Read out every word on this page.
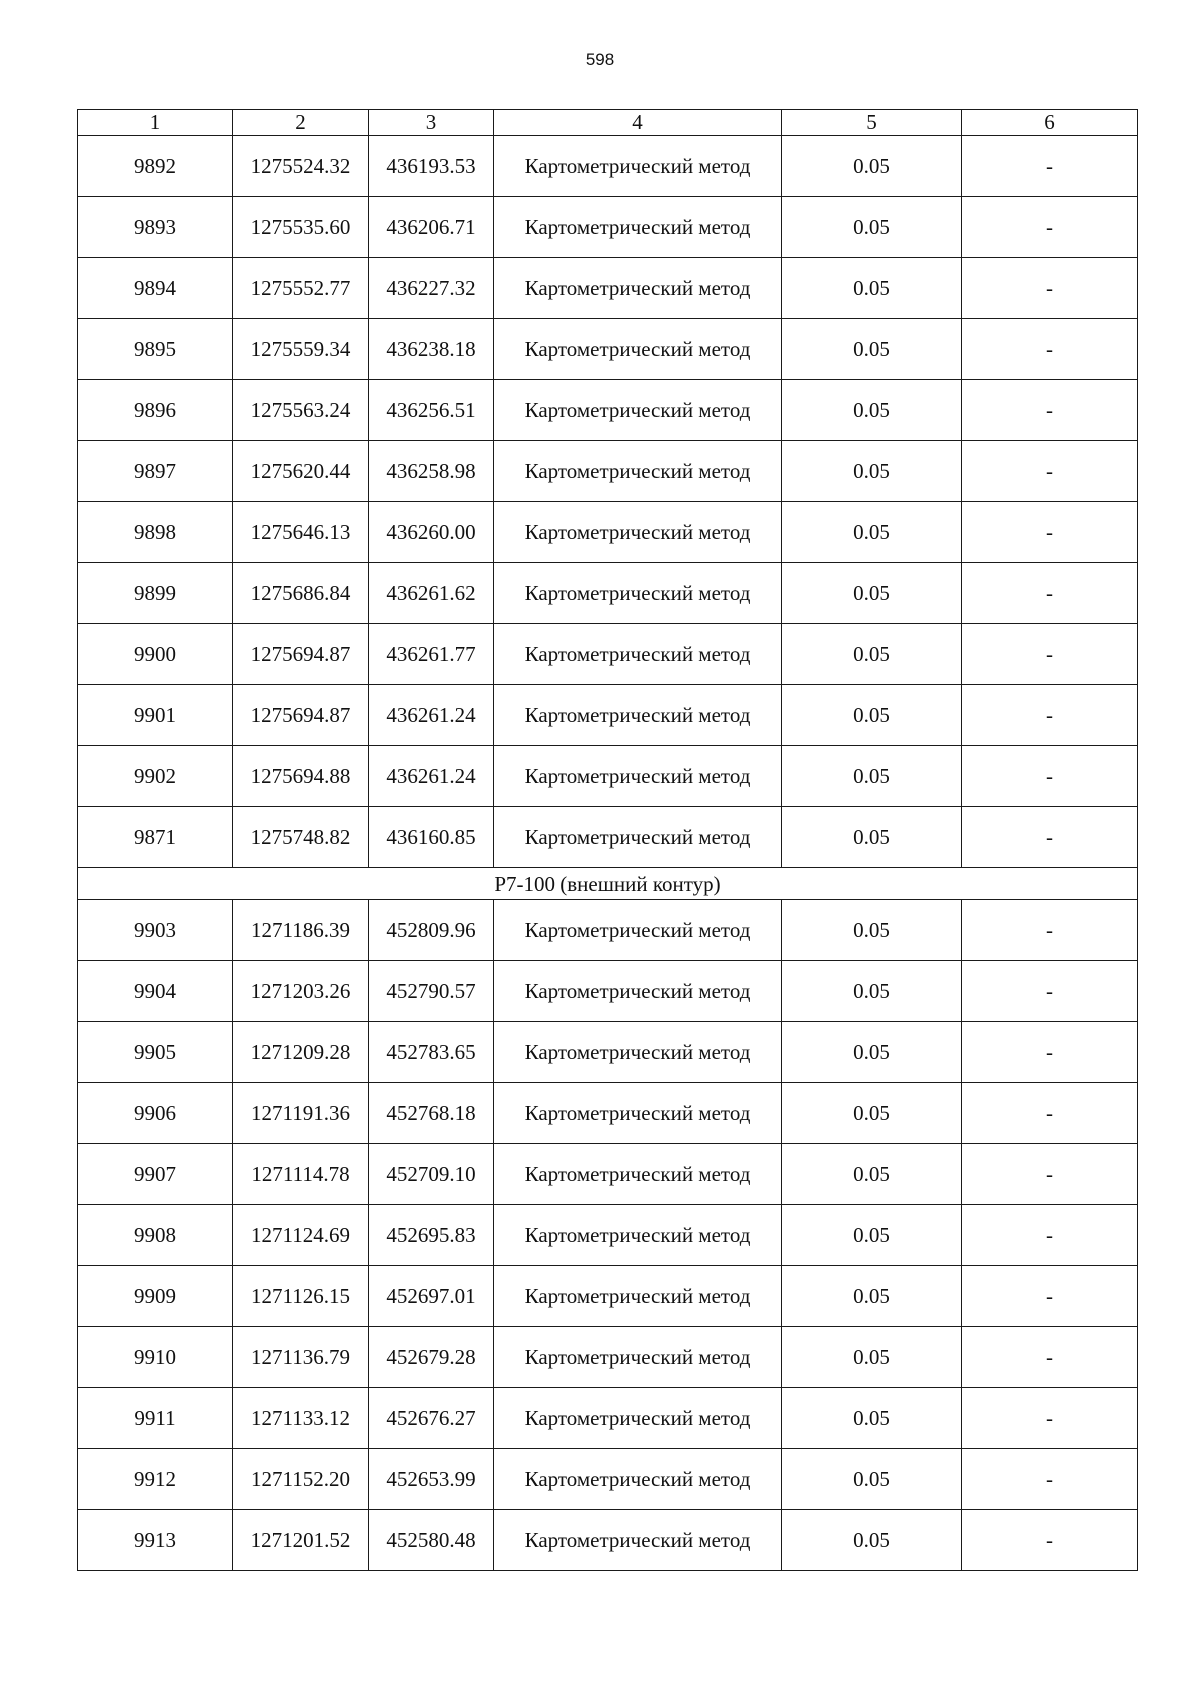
598
1	2	3	4	5	6
9892	1275524.32	436193.53	Картометрический метод	0.05	-
9893	1275535.60	436206.71	Картометрический метод	0.05	-
9894	1275552.77	436227.32	Картометрический метод	0.05	-
9895	1275559.34	436238.18	Картометрический метод	0.05	-
9896	1275563.24	436256.51	Картометрический метод	0.05	-
9897	1275620.44	436258.98	Картометрический метод	0.05	-
9898	1275646.13	436260.00	Картометрический метод	0.05	-
9899	1275686.84	436261.62	Картометрический метод	0.05	-
9900	1275694.87	436261.77	Картометрический метод	0.05	-
9901	1275694.87	436261.24	Картометрический метод	0.05	-
9902	1275694.88	436261.24	Картометрический метод	0.05	-
9871	1275748.82	436160.85	Картометрический метод	0.05	-
Р7-100 (внешний контур)					
9903	1271186.39	452809.96	Картометрический метод	0.05	-
9904	1271203.26	452790.57	Картометрический метод	0.05	-
9905	1271209.28	452783.65	Картометрический метод	0.05	-
9906	1271191.36	452768.18	Картометрический метод	0.05	-
9907	1271114.78	452709.10	Картометрический метод	0.05	-
9908	1271124.69	452695.83	Картометрический метод	0.05	-
9909	1271126.15	452697.01	Картометрический метод	0.05	-
9910	1271136.79	452679.28	Картометрический метод	0.05	-
9911	1271133.12	452676.27	Картометрический метод	0.05	-
9912	1271152.20	452653.99	Картометрический метод	0.05	-
9913	1271201.52	452580.48	Картометрический метод	0.05	-
